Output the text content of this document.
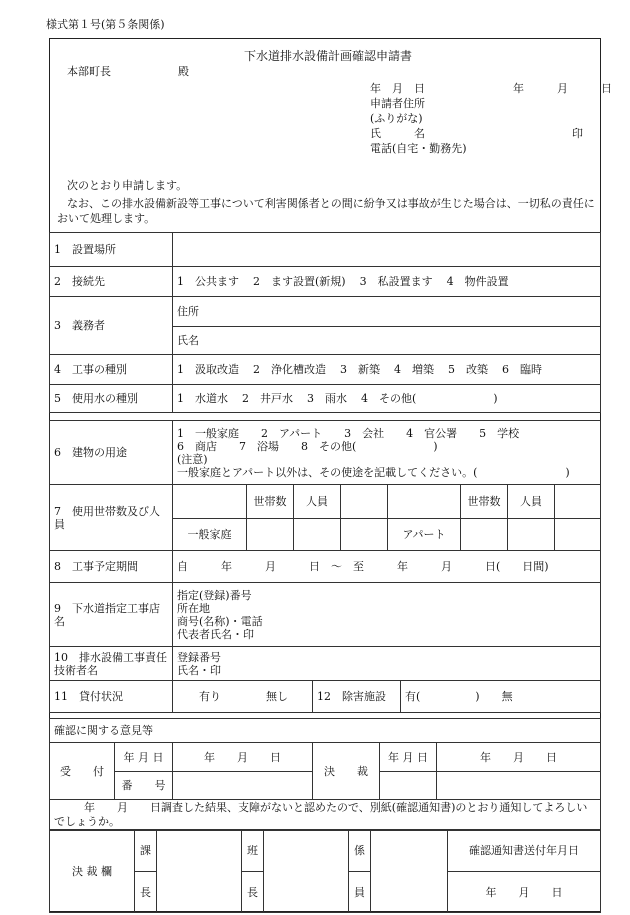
様式第１号(第５条関係)
下水道排水設備計画確認申請書
本部町長	殿
年　月　日　　　　　　　　年　　　月　　　日
申請者住所
(ふりがな)
氏　　　名	印
電話(自宅・勤務先)
次のとおり申請します。
なお、この排水設備新設等工事について利害関係者との間に紛争又は事故が生じた場合は、一切私の責任において処理します。
1　設置場所	
2　接続先	1　公共ます 2　ます設置(新規) 3　私設置ます 4　物件設置
3　義務者	住所
	氏名
4　工事の種別	1　汲取改造 2　浄化槽改造 3　新築 4　増築 5　改築 6　臨時
5　使用水の種別	1　水道水 2　井戸水 3　雨水 4　その他(　　　　　　　)
6　建物の用途	
1　一般家庭　　2　アパート　　3　会社　　4　官公署　　5　学校
6　商店　　7　浴場　　8　その他(　　　　　　　)
(注意)
一般家庭とアパート以外は、その使途を記載してください。(　　　　　　　　)
7　使用世帯数及び人員		世帯数	人員			世帯数	人員	
	一般家庭				アパート			
8　工事予定期間	自　　　年　　　月　　　日　～　至　　　年　　　月　　　日(　　日間)
9　下水道指定工事店名	指定(登録)番号
所在地
商号(名称)・電話
代表者氏名・印

10　排水設備工事責任技術者名	登録番号
氏名・印
11　貸付状況	有り	無し	12　除害施設	有(　　　　　)　　無
確認に関する意見等
受　　付	年 月 日	年　　月　　日	決　　裁	年 月 日	年　　月　　日
	番　　号				
年　　月　　日調査した結果、支障がないと認めたので、別紙(確認通知書)のとおり通知してよろしいでしょうか。
決 裁 欄	課		班		係		確認通知書送付年月日
	長		長		員		年　　月　　日
